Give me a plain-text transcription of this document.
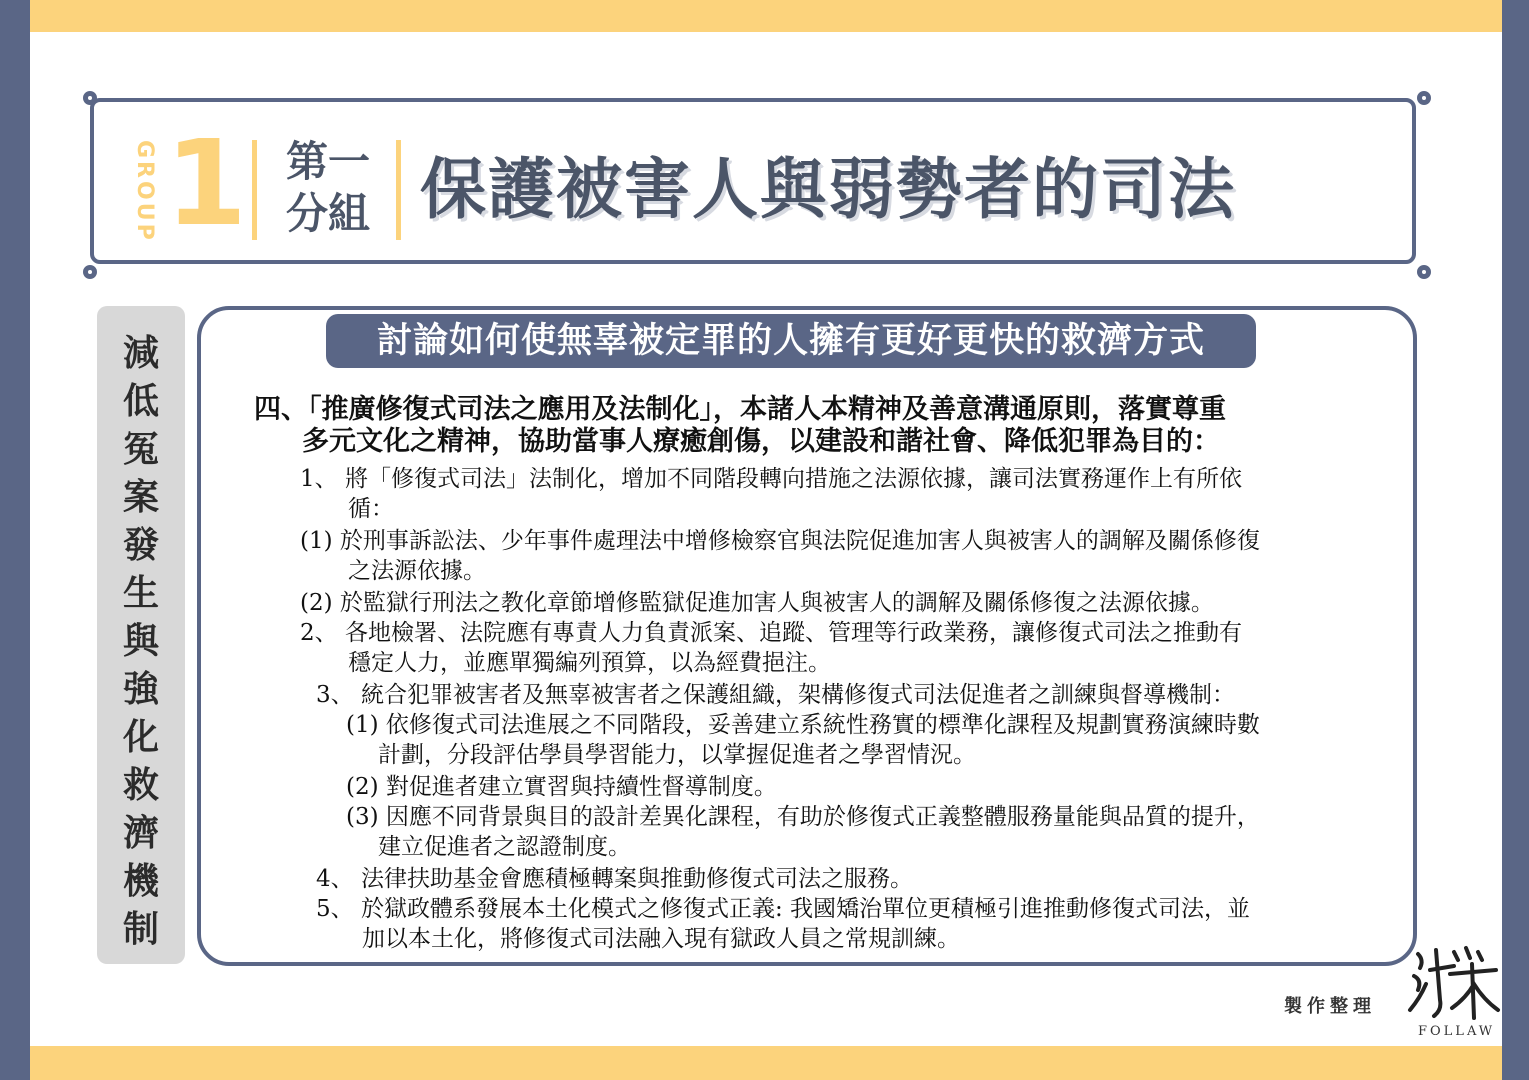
GROUP 1 第一
分組 保護被害人與弱勢者的司法
減
低
冤
案
發
生
與
強
化
救
濟
機
制
討論如何使無辜被定罪的人擁有更好更快的救濟方式
四、「推廣修復式司法之應用及法制化」，本諸人本精神及善意溝通原則，落實尊重
多元文化之精神，協助當事人療癒創傷，以建設和諧社會、降低犯罪為目的：
1、 將「修復式司法」法制化，增加不同階段轉向措施之法源依據，讓司法實務運作上有所依
循：
(1) 於刑事訴訟法、少年事件處理法中增修檢察官與法院促進加害人與被害人的調解及關係修復
之法源依據。
(2) 於監獄行刑法之教化章節增修監獄促進加害人與被害人的調解及關係修復之法源依據。
2、 各地檢署、法院應有專責人力負責派案、追蹤、管理等行政業務，讓修復式司法之推動有
穩定人力，並應單獨編列預算，以為經費挹注。
3、 統合犯罪被害者及無辜被害者之保護組織，架構修復式司法促進者之訓練與督導機制：
(1) 依修復式司法進展之不同階段，妥善建立系統性務實的標準化課程及規劃實務演練時數
計劃，分段評估學員學習能力，以掌握促進者之學習情況。
(2) 對促進者建立實習與持續性督導制度。
(3) 因應不同背景與目的設計差異化課程，有助於修復式正義整體服務量能與品質的提升，
建立促進者之認證制度。
4、 法律扶助基金會應積極轉案與推動修復式司法之服務。
5、 於獄政體系發展本土化模式之修復式正義: 我國矯治單位更積極引進推動修復式司法，並
加以本土化，將修復式司法融入現有獄政人員之常規訓練。
製作整理
FOLLAW
